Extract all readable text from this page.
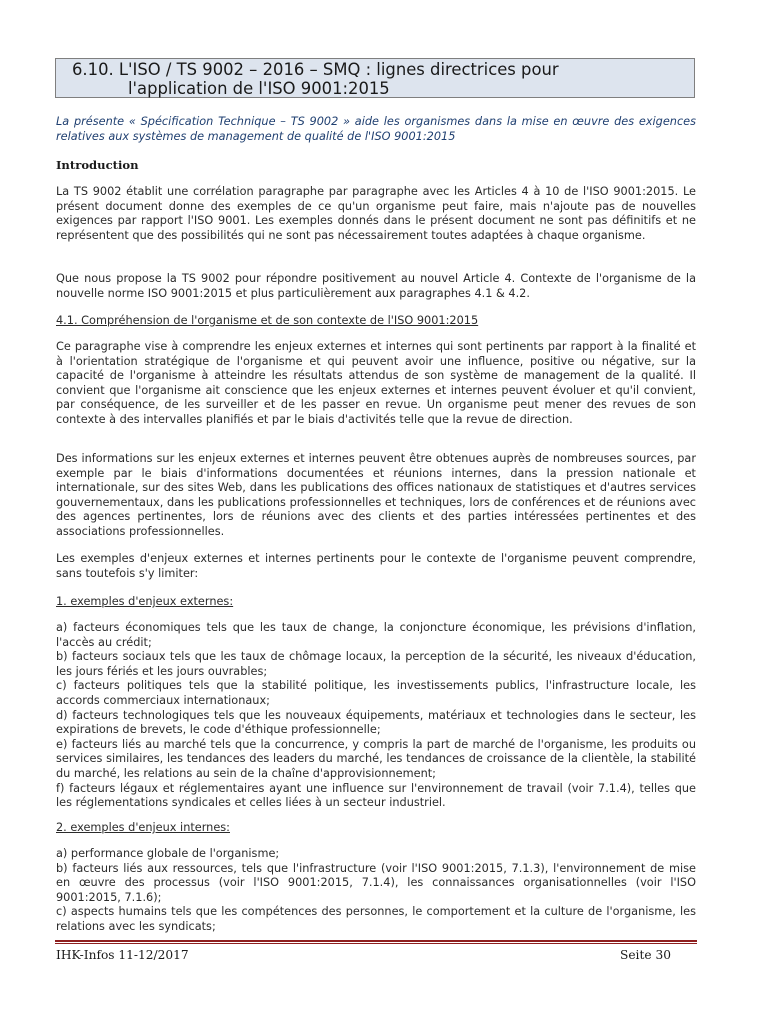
6.10. L'ISO / TS 9002 – 2016 – SMQ : lignes directrices pour
l'application de l'ISO 9001:2015
La présente « Spécification Technique – TS 9002 » aide les organismes dans la mise en œuvre des exigences relatives aux systèmes de management de qualité de l'ISO 9001:2015
Introduction
La TS 9002 établit une corrélation paragraphe par paragraphe avec les Articles 4 à 10 de l'ISO 9001:2015. Le présent document donne des exemples de ce qu'un organisme peut faire, mais n'ajoute pas de nouvelles exigences par rapport l'ISO 9001. Les exemples donnés dans le présent document ne sont pas définitifs et ne représentent que des possibilités qui ne sont pas nécessairement toutes adaptées à chaque organisme.
Que nous propose la TS 9002 pour répondre positivement au nouvel Article 4. Contexte de l'organisme de la nouvelle norme ISO 9001:2015 et plus particulièrement aux paragraphes 4.1 & 4.2.
4.1. Compréhension de l'organisme et de son contexte de l'ISO 9001:2015
Ce paragraphe vise à comprendre les enjeux externes et internes qui sont pertinents par rapport à la finalité et à l'orientation stratégique de l'organisme et qui peuvent avoir une influence, positive ou négative, sur la capacité de l'organisme à atteindre les résultats attendus de son système de management de la qualité. Il convient que l'organisme ait conscience que les enjeux externes et internes peuvent évoluer et qu'il convient, par conséquence, de les surveiller et de les passer en revue. Un organisme peut mener des revues de son contexte à des intervalles planifiés et par le biais d'activités telle que la revue de direction.
Des informations sur les enjeux externes et internes peuvent être obtenues auprès de nombreuses sources, par exemple par le biais d'informations documentées et réunions internes, dans la pression nationale et internationale, sur des sites Web, dans les publications des offices nationaux de statistiques et d'autres services gouvernementaux, dans les publications professionnelles et techniques, lors de conférences et de réunions avec des agences pertinentes, lors de réunions avec des clients et des parties intéressées pertinentes et des associations professionnelles.
Les exemples d'enjeux externes et internes pertinents pour le contexte de l'organisme peuvent comprendre, sans toutefois s'y limiter:
1. exemples d'enjeux externes:

a) facteurs économiques tels que les taux de change, la conjoncture économique, les prévisions d'inflation, l'accès au crédit;

b) facteurs sociaux tels que les taux de chômage locaux, la perception de la sécurité, les niveaux d'éducation, les jours fériés et les jours ouvrables;

c) facteurs politiques tels que la stabilité politique, les investissements publics, l'infrastructure locale, les accords commerciaux internationaux;

d) facteurs technologiques tels que les nouveaux équipements, matériaux et technologies dans le secteur, les expirations de brevets, le code d'éthique professionnelle;

e) facteurs liés au marché tels que la concurrence, y compris la part de marché de l'organisme, les produits ou services similaires, les tendances des leaders du marché, les tendances de croissance de la clientèle, la stabilité du marché, les relations au sein de la chaîne d'approvisionnement;

f) facteurs légaux et réglementaires ayant une influence sur l'environnement de travail (voir 7.1.4), telles que les réglementations syndicales et celles liées à un secteur industriel.

2. exemples d'enjeux internes:

a) performance globale de l'organisme;

b) facteurs liés aux ressources, tels que l'infrastructure (voir l'ISO 9001:2015, 7.1.3), l'environnement de mise en œuvre des processus (voir l'ISO 9001:2015, 7.1.4), les connaissances organisationnelles (voir l'ISO 9001:2015, 7.1.6);

c) aspects humains tels que les compétences des personnes, le comportement et la culture de l'organisme, les relations avec les syndicats;

IHK-Infos 11-12/2017	Seite 30
